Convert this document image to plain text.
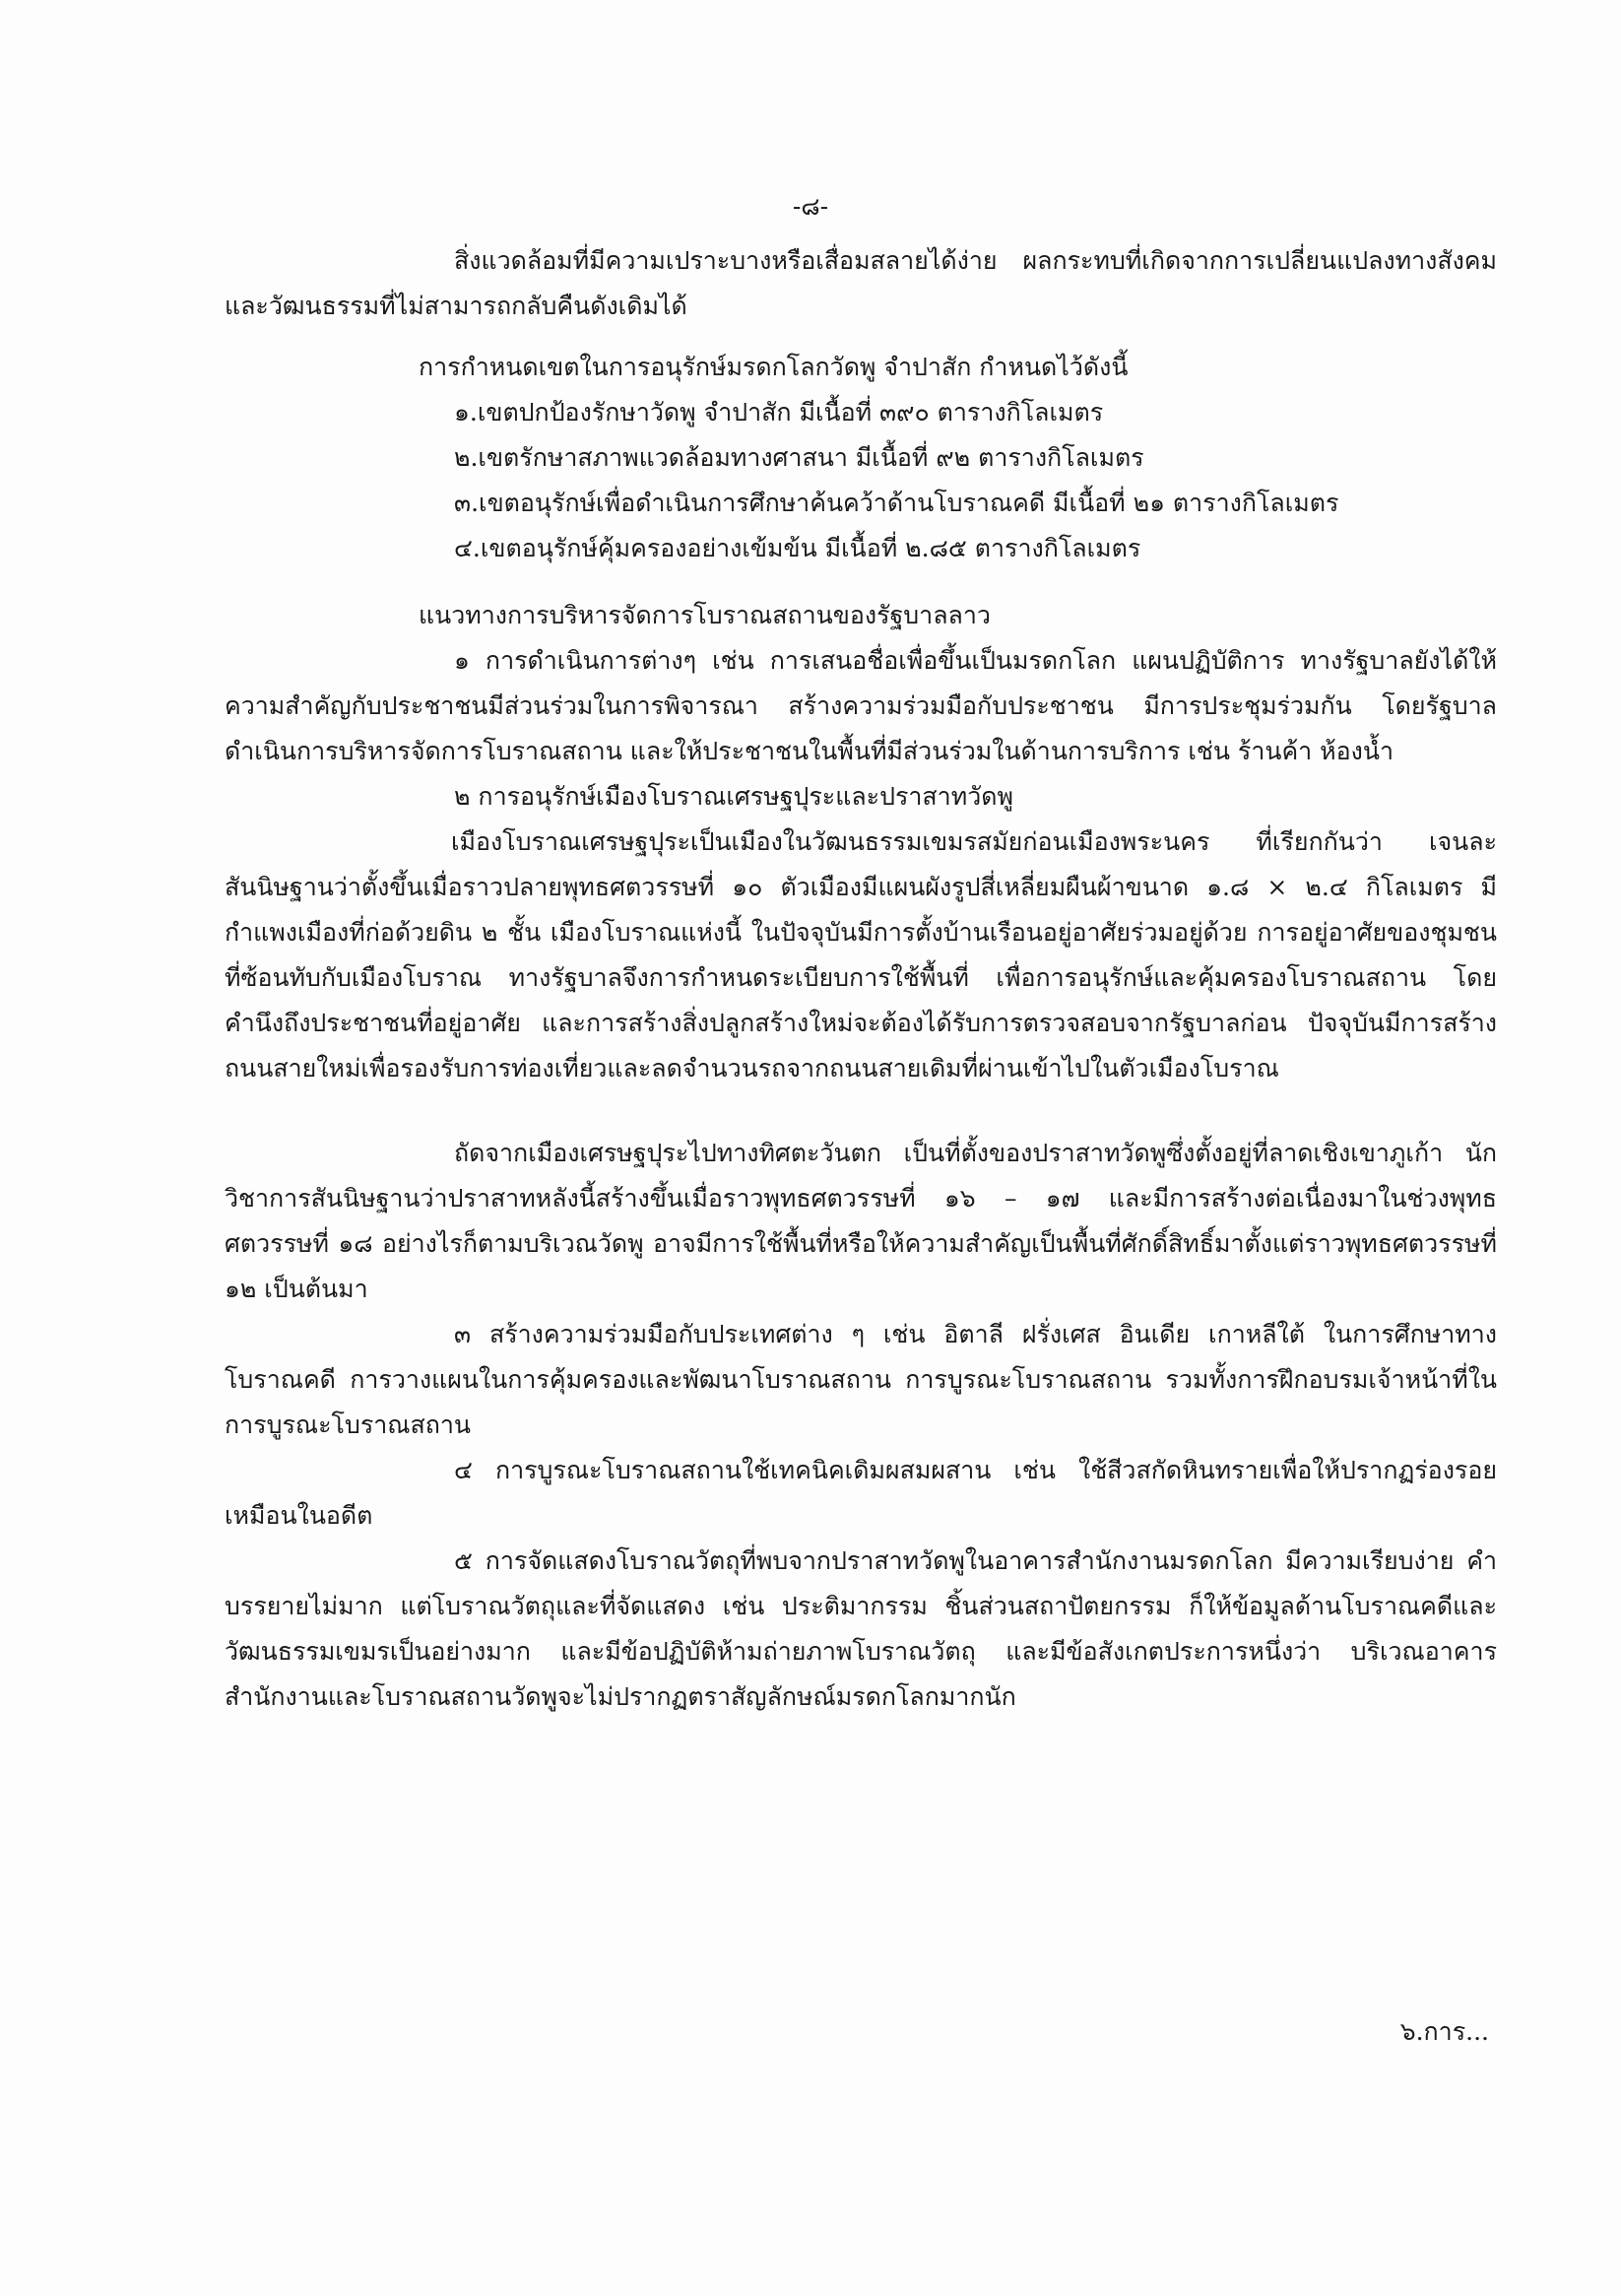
-๘-

สิ่งแวดล้อมที่มีความเปราะบางหรือเสื่อมสลายได้ง่าย ผลกระทบที่เกิดจากการเปลี่ยนแปลงทางสังคมและวัฒนธรรมที่ไม่สามารถกลับคืนดังเดิมได้

การกำหนดเขตในการอนุรักษ์มรดกโลกวัดพู จำปาสัก กำหนดไว้ดังนี้

๑.เขตปกป้องรักษาวัดพู จำปาสัก มีเนื้อที่ ๓๙๐ ตารางกิโลเมตร

๒.เขตรักษาสภาพแวดล้อมทางศาสนา มีเนื้อที่ ๙๒ ตารางกิโลเมตร

๓.เขตอนุรักษ์เพื่อดำเนินการศึกษาค้นคว้าด้านโบราณคดี มีเนื้อที่ ๒๑ ตารางกิโลเมตร

๔.เขตอนุรักษ์คุ้มครองอย่างเข้มข้น มีเนื้อที่ ๒.๘๕ ตารางกิโลเมตร

แนวทางการบริหารจัดการโบราณสถานของรัฐบาลลาว

๑ การดำเนินการต่างๆ เช่น การเสนอชื่อเพื่อขึ้นเป็นมรดกโลก แผนปฏิบัติการ ทางรัฐบาลยังได้ให้ความสำคัญกับประชาชนมีส่วนร่วมในการพิจารณา สร้างความร่วมมือกับประชาชน มีการประชุมร่วมกัน โดยรัฐบาลดำเนินการบริหารจัดการโบราณสถาน และให้ประชาชนในพื้นที่มีส่วนร่วมในด้านการบริการ เช่น ร้านค้า ห้องน้ำ

๒ การอนุรักษ์เมืองโบราณเศรษฐปุระและปราสาทวัดพู

เมืองโบราณเศรษฐปุระเป็นเมืองในวัฒนธรรมเขมรสมัยก่อนเมืองพระนคร ที่เรียกกันว่า เจนละ สันนิษฐานว่าตั้งขึ้นเมื่อราวปลายพุทธศตวรรษที่ ๑๐ ตัวเมืองมีแผนผังรูปสี่เหลี่ยมผืนผ้าขนาด ๑.๘ × ๒.๔ กิโลเมตร มีกำแพงเมืองที่ก่อด้วยดิน ๒ ชั้น เมืองโบราณแห่งนี้ ในปัจจุบันมีการตั้งบ้านเรือนอยู่อาศัยร่วมอยู่ด้วย การอยู่อาศัยของชุมชนที่ซ้อนทับกับเมืองโบราณ ทางรัฐบาลจึงการกำหนดระเบียบการใช้พื้นที่ เพื่อการอนุรักษ์และคุ้มครองโบราณสถาน โดยคำนึงถึงประชาชนที่อยู่อาศัย และการสร้างสิ่งปลูกสร้างใหม่จะต้องได้รับการตรวจสอบจากรัฐบาลก่อน ปัจจุบันมีการสร้างถนนสายใหม่เพื่อรองรับการท่องเที่ยวและลดจำนวนรถจากถนนสายเดิมที่ผ่านเข้าไปในตัวเมืองโบราณ

ถัดจากเมืองเศรษฐปุระไปทางทิศตะวันตก เป็นที่ตั้งของปราสาทวัดพูซึ่งตั้งอยู่ที่ลาดเชิงเขาภูเก้า นักวิชาการสันนิษฐานว่าปราสาทหลังนี้สร้างขึ้นเมื่อราวพุทธศตวรรษที่ ๑๖ – ๑๗ และมีการสร้างต่อเนื่องมาในช่วงพุทธศตวรรษที่ ๑๘ อย่างไรก็ตามบริเวณวัดพู อาจมีการใช้พื้นที่หรือให้ความสำคัญเป็นพื้นที่ศักดิ์สิทธิ์มาตั้งแต่ราวพุทธศตวรรษที่ ๑๒ เป็นต้นมา

๓ สร้างความร่วมมือกับประเทศต่าง ๆ เช่น อิตาลี ฝรั่งเศส อินเดีย เกาหลีใต้ ในการศึกษาทางโบราณคดี การวางแผนในการคุ้มครองและพัฒนาโบราณสถาน การบูรณะโบราณสถาน รวมทั้งการฝึกอบรมเจ้าหน้าที่ในการบูรณะโบราณสถาน

๔ การบูรณะโบราณสถานใช้เทคนิคเดิมผสมผสาน เช่น ใช้สีวสกัดหินทรายเพื่อให้ปรากฏร่องรอยเหมือนในอดีต

๕ การจัดแสดงโบราณวัตถุที่พบจากปราสาทวัดพูในอาคารสำนักงานมรดกโลก มีความเรียบง่าย คำบรรยายไม่มาก แต่โบราณวัตถุและที่จัดแสดง เช่น ประติมากรรม ชิ้นส่วนสถาปัตยกรรม ก็ให้ข้อมูลด้านโบราณคดีและวัฒนธรรมเขมรเป็นอย่างมาก และมีข้อปฏิบัติห้ามถ่ายภาพโบราณวัตถุ และมีข้อสังเกตประการหนึ่งว่า บริเวณอาคารสำนักงานและโบราณสถานวัดพูจะไม่ปรากฏตราสัญลักษณ์มรดกโลกมากนัก

๖.การ...
